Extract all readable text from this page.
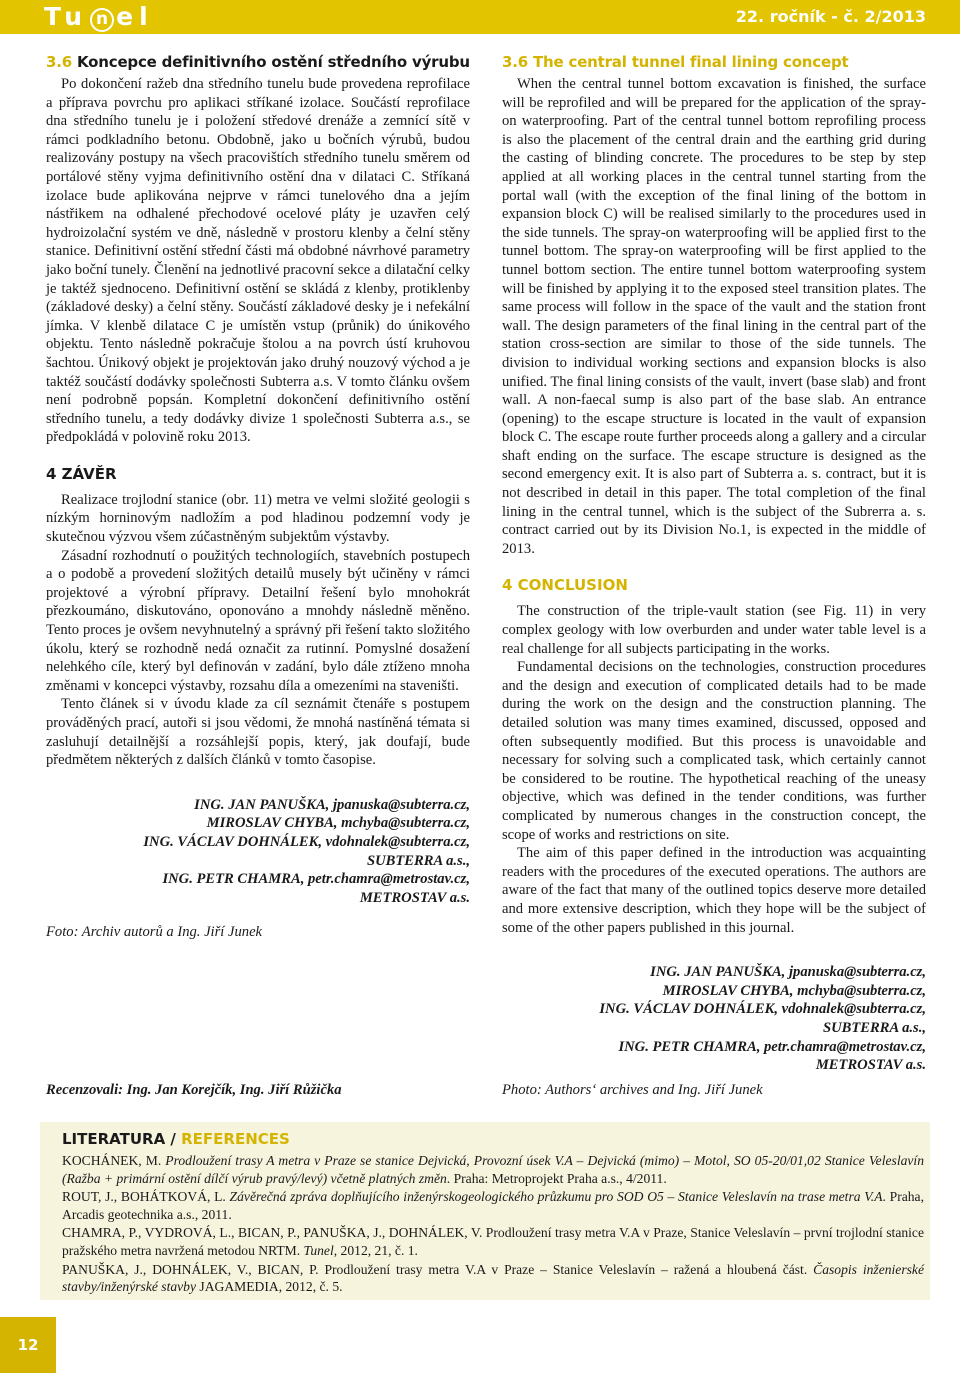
Tu n el	22. ročník - č. 2/2013
3.6 Koncepce definitivního ostění středního výrubu

Po dokončení ražeb dna středního tunelu bude provedena reprofilace a příprava povrchu pro aplikaci stříkané izolace. Součástí reprofilace dna středního tunelu je i položení středové drenáže a zemnící sítě v rámci podkladního betonu. Obdobně, jako u bočních výrubů, budou realizovány postupy na všech pracovištích středního tunelu směrem od portálové stěny vyjma definitivního ostění dna v dilataci C. Stříkaná izolace bude aplikována nejprve v rámci tunelového dna a jejím nástřikem na odhalené přechodové ocelové pláty je uzavřen celý hydroizolační systém ve dně, následně v prostoru klenby a čelní stěny stanice. Definitivní ostění střední části má obdobné návrhové parametry jako boční tunely. Členění na jednotlivé pracovní sekce a dilatační celky je taktéž sjednoceno. Definitivní ostění se skládá z klenby, protiklenby (základové desky) a čelní stěny. Součástí základové desky je i nefekální jímka. V klenbě dilatace C je umístěn vstup (průnik) do únikového objektu. Tento následně pokračuje štolou a na povrch ústí kruhovou šachtou. Únikový objekt je projektován jako druhý nouzový východ a je taktéž součástí dodávky společnosti Subterra a.s. V tomto článku ovšem není podrobně popsán. Kompletní dokončení definitivního ostění středního tunelu, a tedy dodávky divize 1 společnosti Subterra a.s., se předpokládá v polovině roku 2013.

4 ZÁVĚR

Realizace trojlodní stanice (obr. 11) metra ve velmi složité geologii s nízkým horninovým nadložím a pod hladinou podzemní vody je skutečnou výzvou všem zúčastněným subjektům výstavby.

Zásadní rozhodnutí o použitých technologiích, stavebních postupech a o podobě a provedení složitých detailů musely být učiněny v rámci projektové a výrobní přípravy. Detailní řešení bylo mnohokrát přezkoumáno, diskutováno, oponováno a mnohdy následně měněno. Tento proces je ovšem nevyhnutelný a správný při řešení takto složitého úkolu, který se rozhodně nedá označit za rutinní. Pomyslné dosažení nelehkého cíle, který byl definován v zadání, bylo dále ztíženo mnoha změnami v koncepci výstavby, rozsahu díla a omezeními na staveništi.

Tento článek si v úvodu klade za cíl seznámit čtenáře s postupem prováděných prací, autoři si jsou vědomi, že mnohá nastíněná témata si zasluhují detailnější a rozsáhlejší popis, který, jak doufají, bude předmětem některých z dalších článků v tomto časopise.

ING. JAN PANUŠKA, jpanuska@subterra.cz,
MIROSLAV CHYBA, mchyba@subterra.cz,
ING. VÁCLAV DOHNÁLEK, vdohnalek@subterra.cz,
SUBTERRA a.s.,
ING. PETR CHAMRA, petr.chamra@metrostav.cz,
METROSTAV a.s.
Foto: Archiv autorů a Ing. Jiří Junek
3.6 The central tunnel final lining concept

When the central tunnel bottom excavation is finished, the surface will be reprofiled and will be prepared for the application of the spray-on waterproofing. Part of the central tunnel bottom reprofiling process is also the placement of the central drain and the earthing grid during the casting of blinding concrete. The procedures to be step by step applied at all working places in the central tunnel starting from the portal wall (with the exception of the final lining of the bottom in expansion block C) will be realised similarly to the procedures used in the side tunnels. The spray-on waterproofing will be applied first to the tunnel bottom. The spray-on waterproofing will be first applied to the tunnel bottom section. The entire tunnel bottom waterproofing system will be finished by applying it to the exposed steel transition plates. The same process will follow in the space of the vault and the station front wall. The design parameters of the final lining in the central part of the station cross-section are similar to those of the side tunnels. The division to individual working sections and expansion blocks is also unified. The final lining consists of the vault, invert (base slab) and front wall. A non-faecal sump is also part of the base slab. An entrance (opening) to the escape structure is located in the vault of expansion block C. The escape route further proceeds along a gallery and a circular shaft ending on the surface. The escape structure is designed as the second emergency exit. It is also part of Subterra a. s. contract, but it is not described in detail in this paper. The total completion of the final lining in the central tunnel, which is the subject of the Subrerra a. s. contract carried out by its Division No.1, is expected in the middle of 2013.

4 CONCLUSION

The construction of the triple-vault station (see Fig. 11) in very complex geology with low overburden and under water table level is a real challenge for all subjects participating in the works.

Fundamental decisions on the technologies, construction procedures and the design and execution of complicated details had to be made during the work on the design and the construction planning. The detailed solution was many times examined, discussed, opposed and often subsequently modified. But this process is unavoidable and necessary for solving such a complicated task, which certainly cannot be considered to be routine. The hypothetical reaching of the uneasy objective, which was defined in the tender conditions, was further complicated by numerous changes in the construction concept, the scope of works and restrictions on site.

The aim of this paper defined in the introduction was acquainting readers with the procedures of the executed operations. The authors are aware of the fact that many of the outlined topics deserve more detailed and more extensive description, which they hope will be the subject of some of the other papers published in this journal.

ING. JAN PANUŠKA, jpanuska@subterra.cz,
MIROSLAV CHYBA, mchyba@subterra.cz,
ING. VÁCLAV DOHNÁLEK, vdohnalek@subterra.cz,
SUBTERRA a.s.,
ING. PETR CHAMRA, petr.chamra@metrostav.cz,
METROSTAV a.s.
Recenzovali: Ing. Jan Korejčík, Ing. Jiří Růžička	Photo: Authors‘ archives and Ing. Jiří Junek
LITERATURA / REFERENCES
KOCHÁNEK, M. Prodloužení trasy A metra v Praze se stanice Dejvická, Provozní úsek V.A – Dejvická (mimo) – Motol, SO 05-20/01,02 Stanice Veleslavín (Ražba + primární ostění dílčí výrub pravý/levý) včetně platných změn. Praha: Metroprojekt Praha a.s., 4/2011.
ROUT, J., BOHÁTKOVÁ, L. Závěrečná zpráva doplňujícího inženýrskogeologického průzkumu pro SOD O5 – Stanice Veleslavín na trase metra V.A. Praha, Arcadis geotechnika a.s., 2011.
CHAMRA, P., VYDROVÁ, L., BICAN, P., PANUŠKA, J., DOHNÁLEK, V. Prodloužení trasy metra V.A v Praze, Stanice Veleslavín – první trojlodní stanice pražského metra navržená metodou NRTM. Tunel, 2012, 21, č. 1.
PANUŠKA, J., DOHNÁLEK, V., BICAN, P. Prodloužení trasy metra V.A v Praze – Stanice Veleslavín – ražená a hloubená část. Časopis inženierské stavby/inženýrské stavby JAGAMEDIA, 2012, č. 5.
12
